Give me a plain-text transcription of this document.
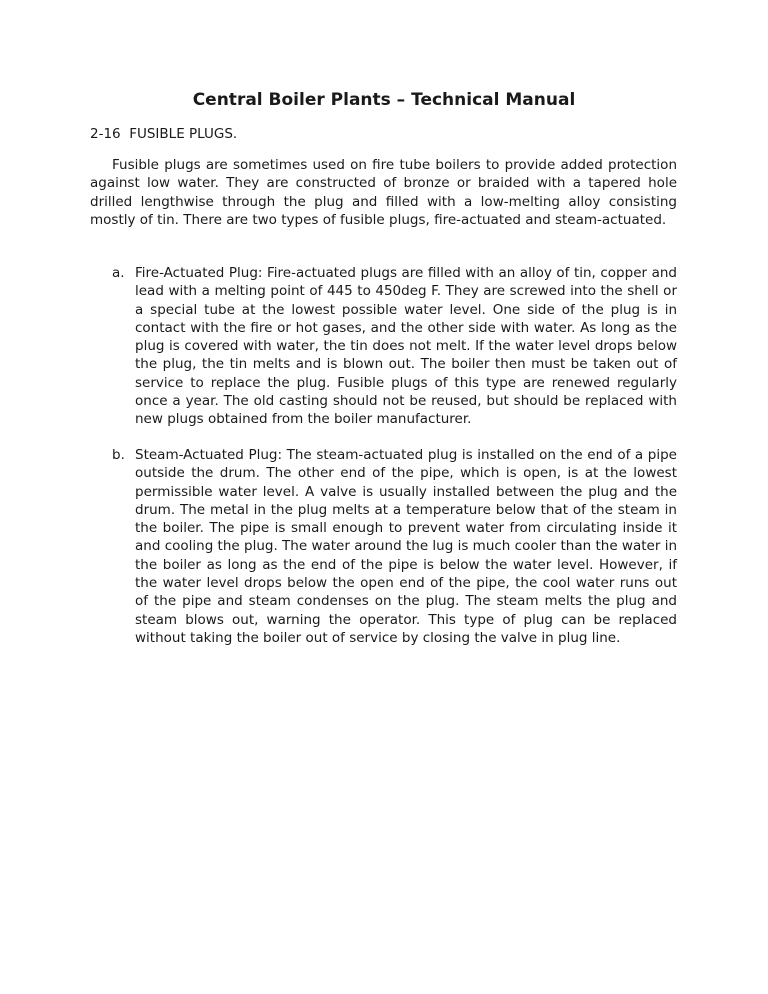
Central Boiler Plants – Technical Manual

2-16  FUSIBLE PLUGS.

Fusible plugs are sometimes used on fire tube boilers to provide added protection against low water. They are constructed of bronze or braided with a tapered hole drilled lengthwise through the plug and filled with a low-melting alloy consisting mostly of tin. There are two types of fusible plugs, fire-actuated and steam-actuated.

a. Fire-Actuated Plug: Fire-actuated plugs are filled with an alloy of tin, copper and lead with a melting point of 445 to 450deg F. They are screwed into the shell or a special tube at the lowest possible water level. One side of the plug is in contact with the fire or hot gases, and the other side with water. As long as the plug is covered with water, the tin does not melt. If the water level drops below the plug, the tin melts and is blown out. The boiler then must be taken out of service to replace the plug. Fusible plugs of this type are renewed regularly once a year. The old casting should not be reused, but should be replaced with new plugs obtained from the boiler manufacturer.
b. Steam-Actuated Plug: The steam-actuated plug is installed on the end of a pipe outside the drum. The other end of the pipe, which is open, is at the lowest permissible water level. A valve is usually installed between the plug and the drum. The metal in the plug melts at a temperature below that of the steam in the boiler. The pipe is small enough to prevent water from circulating inside it and cooling the plug. The water around the lug is much cooler than the water in the boiler as long as the end of the pipe is below the water level. However, if the water level drops below the open end of the pipe, the cool water runs out of the pipe and steam condenses on the plug. The steam melts the plug and steam blows out, warning the operator. This type of plug can be replaced without taking the boiler out of service by closing the valve in plug line.
